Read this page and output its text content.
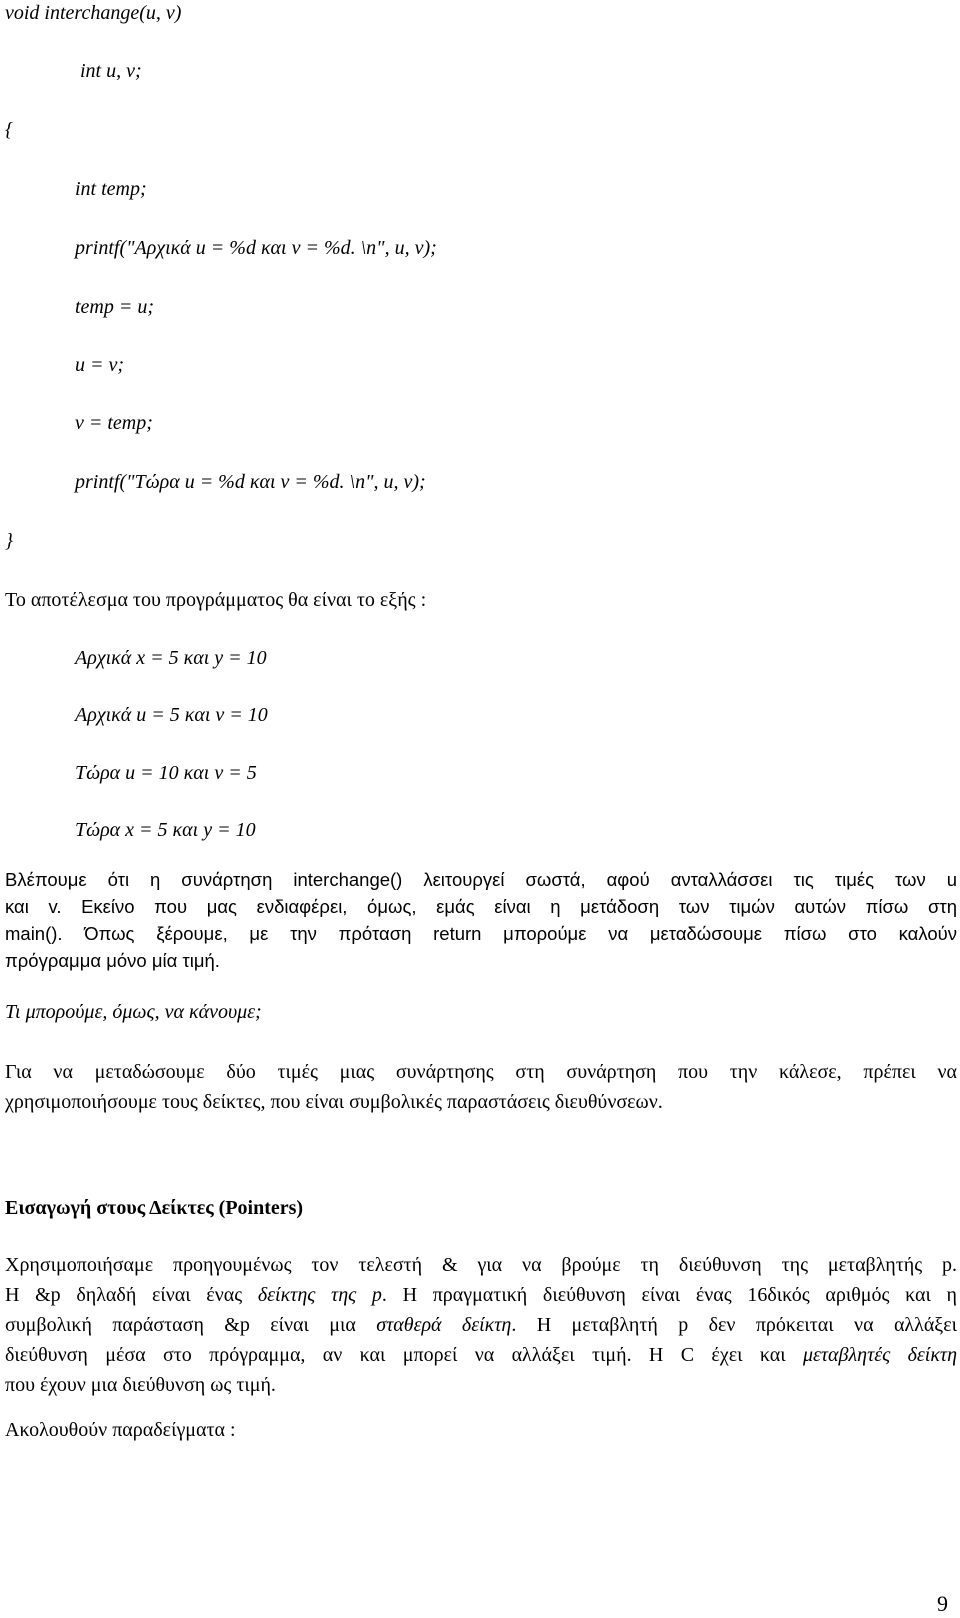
void interchange(u, v)

int u, v;

{

int temp;

printf("Αρχικά u = %d και v = %d. \n", u, v);

temp = u;

u = v;

v = temp;

printf("Τώρα u = %d και v = %d. \n", u, v);

}

Το αποτέλεσμα του προγράμματος θα είναι το εξής :

Αρχικά x = 5 και y = 10

Αρχικά u = 5 και v = 10

Τώρα u = 10 και v = 5

Τώρα x = 5 και y = 10

Βλέπουμε ότι η συνάρτηση interchange() λειτουργεί σωστά, αφού ανταλλάσσει τις τιμές των u
και v. Εκείνο που μας ενδιαφέρει, όμως, εμάς είναι η μετάδοση των τιμών αυτών πίσω στη
main(). Όπως ξέρουμε, με την πρόταση return μπορούμε να μεταδώσουμε πίσω στο καλούν
πρόγραμμα μόνο μία τιμή.

Τι μπορούμε, όμως, να κάνουμε;

Για να μεταδώσουμε δύο τιμές μιας συνάρτησης στη συνάρτηση που την κάλεσε, πρέπει να
χρησιμοποιήσουμε τους δείκτες, που είναι συμβολικές παραστάσεις διευθύνσεων.

Εισαγωγή στους Δείκτες (Pointers)

Χρησιμοποιήσαμε προηγουμένως τον τελεστή & για να βρούμε τη διεύθυνση της μεταβλητής p.
Η &p δηλαδή είναι ένας δείκτης της p. Η πραγματική διεύθυνση είναι ένας 16δικός αριθμός και η
συμβολική παράσταση &p είναι μια σταθερά δείκτη. Η μεταβλητή p δεν πρόκειται να αλλάξει
διεύθυνση μέσα στο πρόγραμμα, αν και μπορεί να αλλάξει τιμή. Η C έχει και μεταβλητές δείκτη
που έχουν μια διεύθυνση ως τιμή.

Ακολουθούν παραδείγματα :

9
